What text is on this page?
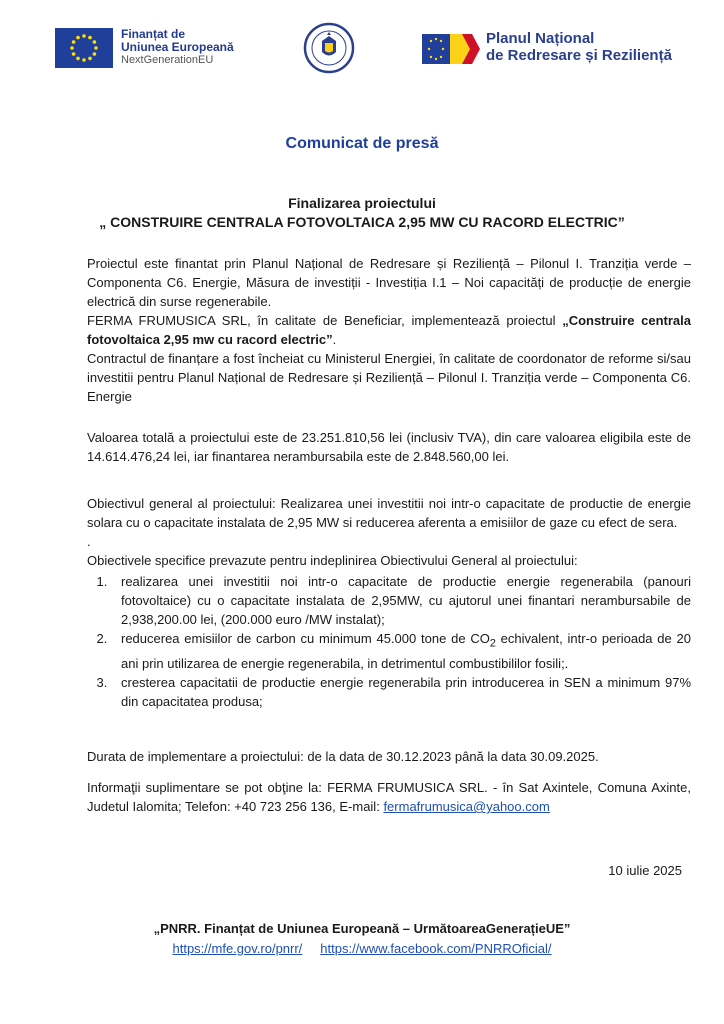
Finanțat de
Uniunea Europeană
NextGenerationEU
Planul Național
de Redresare și Reziliență
Comunicat de presă
Finalizarea proiectului
„ CONSTRUIRE CENTRALA FOTOVOLTAICA 2,95 MW CU RACORD ELECTRIC”

Proiectul este finantat prin Planul Național de Redresare și Reziliență – Pilonul I. Tranziția verde – Componenta C6. Energie, Măsura de investiții - Investiția I.1 – Noi capacități de producție de energie electrică din surse regenerabile.

FERMA FRUMUSICA SRL, în calitate de Beneficiar, implementează proiectul „Construire centrala fotovoltaica 2,95 mw cu racord electric”.

Contractul de finanțare a fost încheiat cu Ministerul Energiei, în calitate de coordonator de reforme si/sau investitii pentru Planul Național de Redresare și Reziliență – Pilonul I. Tranziția verde – Componenta C6. Energie

Valoarea totală a proiectului este de 23.251.810,56 lei (inclusiv TVA), din care valoarea eligibila este de 14.614.476,24 lei, iar finantarea nerambursabila este de 2.848.560,00 lei.

Obiectivul general al proiectului: Realizarea unei investitii noi intr-o capacitate de productie de energie solara cu o capacitate instalata de 2,95 MW si reducerea aferenta a emisiilor de gaze cu efect de sera.

.

Obiectivele specifice prevazute pentru indeplinirea Obiectivului General al proiectului:
1. realizarea unei investitii noi intr-o capacitate de productie energie regenerabila (panouri fotovoltaice) cu o capacitate instalata de 2,95MW, cu ajutorul unei finantari nerambursabile de 2,938,200.00 lei, (200.000 euro /MW instalat);
2. reducerea emisiilor de carbon cu minimum 45.000 tone de $CO_2$ echivalent, intr-o perioada de 20 ani prin utilizarea de energie regenerabila, in detrimentul combustibililor fosili;.
3. cresterea capacitatii de productie energie regenerabila prin introducerea in SEN a minimum 97% din capacitatea produsa;
Durata de implementare a proiectului: de la data de 30.12.2023 până la data 30.09.2025.
Informaţii suplimentare se pot obţine la: FERMA FRUMUSICA SRL. - în Sat Axintele, Comuna Axinte, Judetul Ialomita; Telefon: +40 723 256 136, E-mail: fermafrumusica@yahoo.com
10 iulie 2025
„PNRR. Finanțat de Uniunea Europeană – UrmătoareaGenerațieUE”
https://mfe.gov.ro/pnrr/ https://www.facebook.com/PNRROficial/
